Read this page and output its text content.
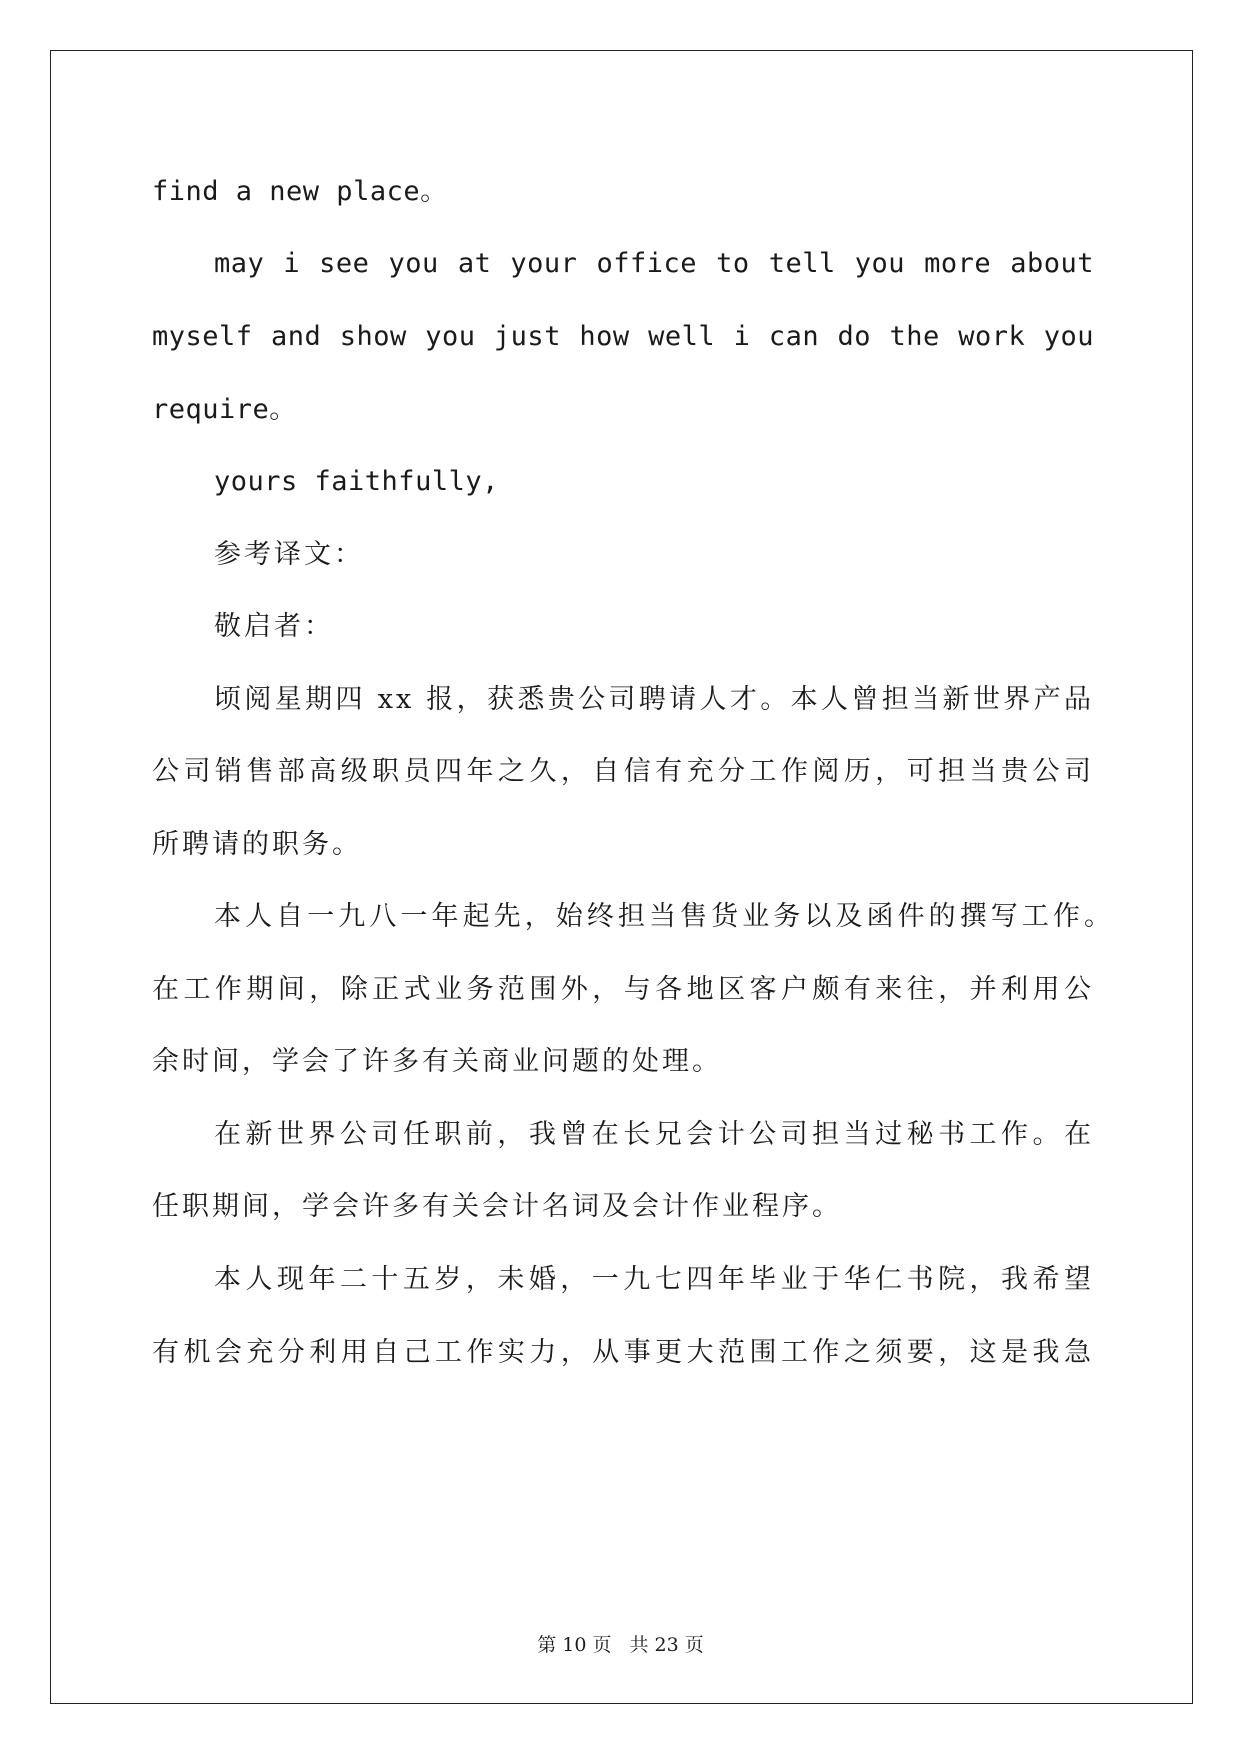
find a new place。
may i see you at your office to tell you more about
myself and show you just how well i can do the work you
require。
yours faithfully,
参考译文：
敬启者：
顷阅星期四 xx 报，获悉贵公司聘请人才。本人曾担当新世界产品
公司销售部高级职员四年之久，自信有充分工作阅历，可担当贵公司
所聘请的职务。
本人自一九八一年起先，始终担当售货业务以及函件的撰写工作。
在工作期间，除正式业务范围外，与各地区客户颇有来往，并利用公
余时间，学会了许多有关商业问题的处理。
在新世界公司任职前，我曾在长兄会计公司担当过秘书工作。在
任职期间，学会许多有关会计名词及会计作业程序。
本人现年二十五岁，未婚，一九七四年毕业于华仁书院，我希望
有机会充分利用自己工作实力，从事更大范围工作之须要，这是我急
第 10 页 共 23 页
